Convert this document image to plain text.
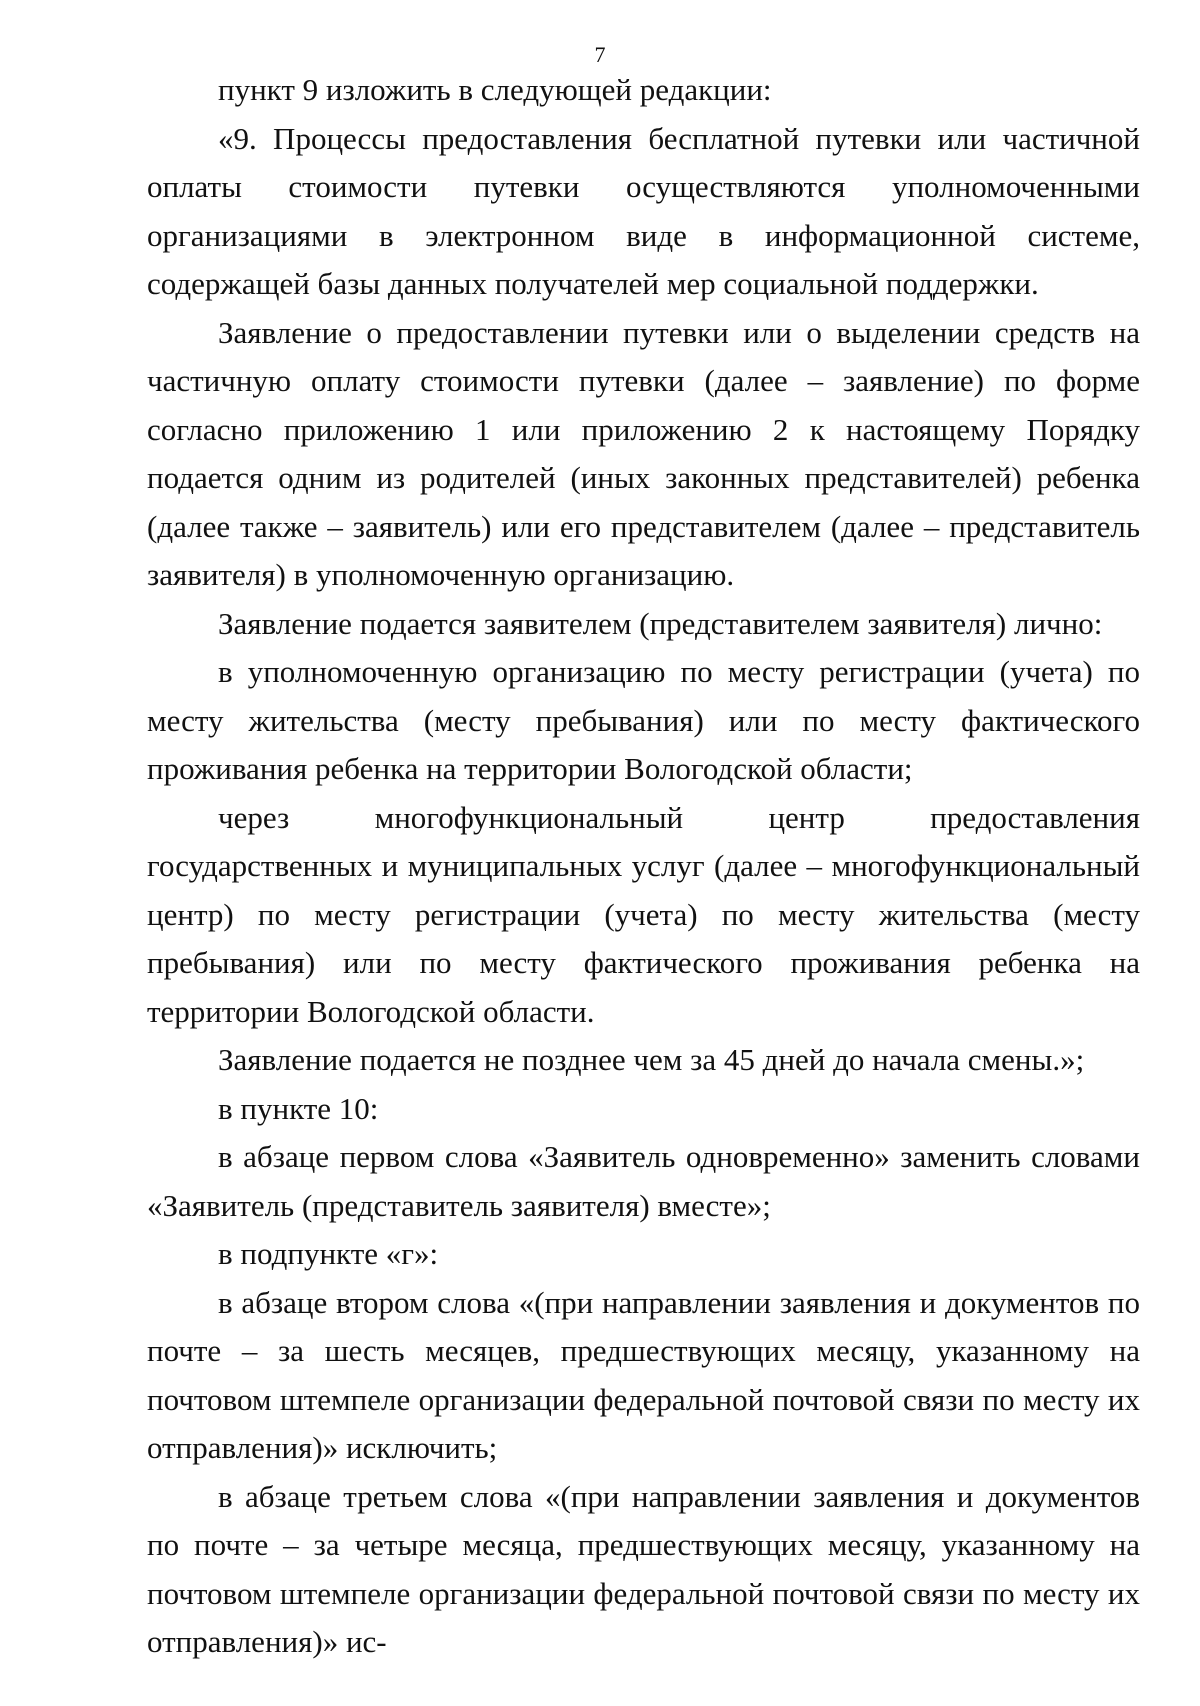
7

пункт 9 изложить в следующей редакции:

«9. Процессы предоставления бесплатной путевки или частичной оплаты стоимости путевки осуществляются уполномоченными организациями в электронном виде в информационной системе, содержащей базы данных получателей мер социальной поддержки.

Заявление о предоставлении путевки или о выделении средств на частичную оплату стоимости путевки (далее – заявление) по форме согласно приложению 1 или приложению 2 к настоящему Порядку подается одним из родителей (иных законных представителей) ребенка (далее также – заявитель) или его представителем (далее – представитель заявителя) в уполномоченную организацию.

Заявление подается заявителем (представителем заявителя) лично:

в уполномоченную организацию по месту регистрации (учета) по месту жительства (месту пребывания) или по месту фактического проживания ребенка на территории Вологодской области;

через многофункциональный центр предоставления государственных и муниципальных услуг (далее – многофункциональный центр) по месту регистрации (учета) по месту жительства (месту пребывания) или по месту фактического проживания ребенка на территории Вологодской области.

Заявление подается не позднее чем за 45 дней до начала смены.»;

в пункте 10:

в абзаце первом слова «Заявитель одновременно» заменить словами «Заявитель (представитель заявителя) вместе»;

в подпункте «г»:

в абзаце втором слова «(при направлении заявления и документов по почте – за шесть месяцев, предшествующих месяцу, указанному на почтовом штемпеле организации федеральной почтовой связи по месту их отправления)» исключить;

в абзаце третьем слова «(при направлении заявления и документов по почте – за четыре месяца, предшествующих месяцу, указанному на почтовом штемпеле организации федеральной почтовой связи по месту их отправления)» ис-
